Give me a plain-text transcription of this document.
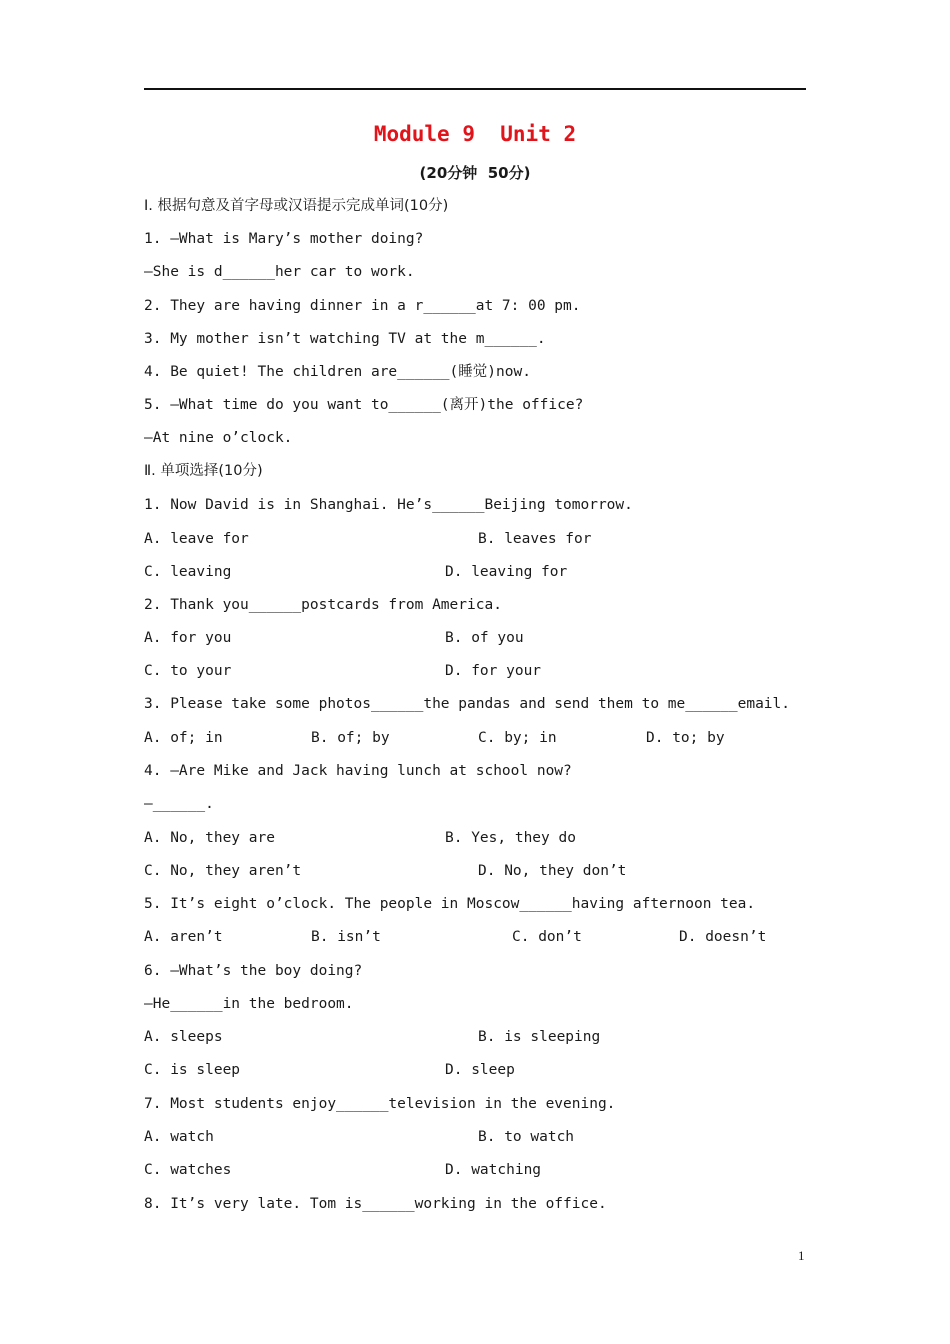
Module 9  Unit 2
(20分钟  50分)
Ⅰ. 根据句意及首字母或汉语提示完成单词(10分)
1. —What is Mary’s mother doing?
—She is d______her car to work.
2. They are having dinner in a r______at 7: 00 pm.
3. My mother isn’t watching TV at the m______.
4. Be quiet! The children are______(睡觉)now.
5. —What time do you want to______(离开)the office?
—At nine o’clock.
Ⅱ. 单项选择(10分)
1. Now David is in Shanghai. He’s______Beijing tomorrow.
A. leave for	B. leaves for
C. leaving	D. leaving for
2. Thank you______postcards from America.
A. for you	B. of you
C. to your	D. for your
3. Please take some photos______the pandas and send them to me______email.
A. of; in	B. of; by	C. by; in	D. to; by
4. —Are Mike and Jack having lunch at school now?
—______.
A. No, they are	B. Yes, they do
C. No, they aren’t	D. No, they don’t
5. It’s eight o’clock. The people in Moscow______having afternoon tea.
A. aren’t	B. isn’t	C. don’t	D. doesn’t
6. —What’s the boy doing?
—He______in the bedroom.
A. sleeps	B. is sleeping
C. is sleep	D. sleep
7. Most students enjoy______television in the evening.
A. watch	B. to watch
C. watches	D. watching
8. It’s very late. Tom is______working in the office.
1
